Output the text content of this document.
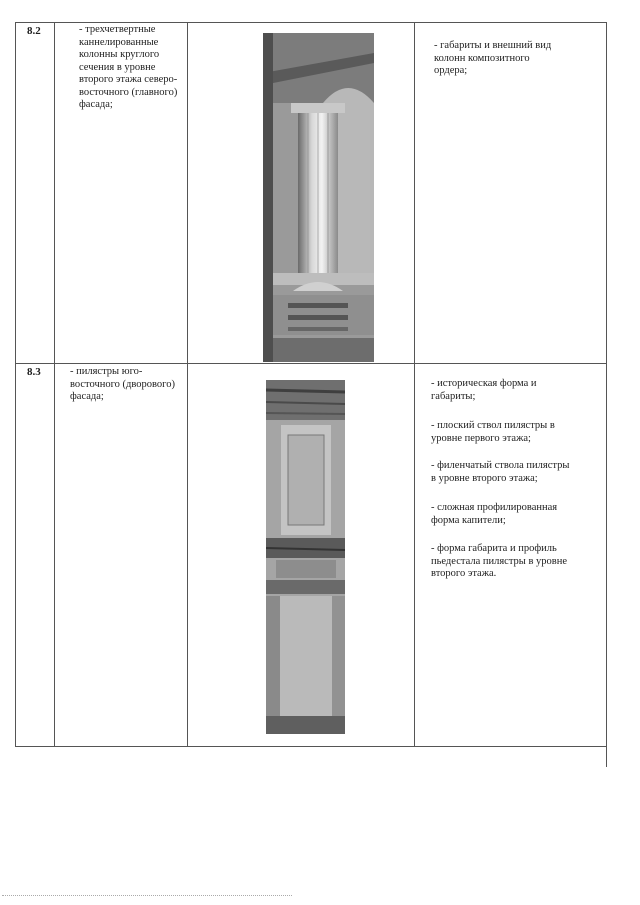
8.2	- трехчетвертные
каннелированные
колонны круглого
сечения в уровне
второго этажа северо-
восточного (главного)
фасада;
- габариты и внешний вид
колонн композитного
ордера;
8.3	- пилястры юго-
восточного (дворового)
фасада;
- историческая форма и
габариты;
- плоский ствол пилястры в
уровне первого этажа;
- филенчатый ствола пилястры
в уровне второго этажа;
- сложная профилированная
форма капители;
- форма габарита и профиль
пьедестала пилястры в уровне
второго этажа.
